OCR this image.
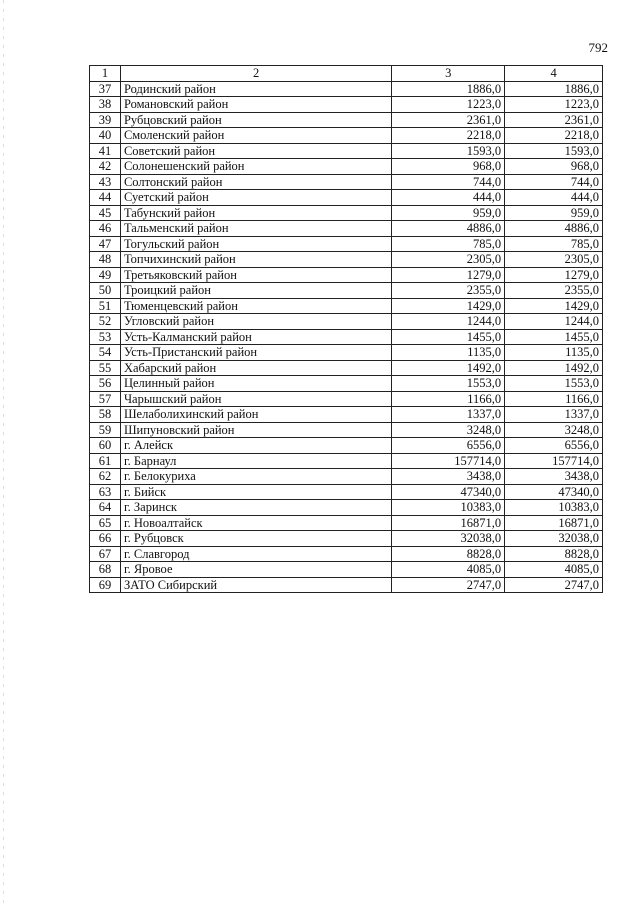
792
1	2	3	4
37	Родинский район	1886,0	1886,0
38	Романовский район	1223,0	1223,0
39	Рубцовский район	2361,0	2361,0
40	Смоленский район	2218,0	2218,0
41	Советский район	1593,0	1593,0
42	Солонешенский район	968,0	968,0
43	Солтонский район	744,0	744,0
44	Суетский район	444,0	444,0
45	Табунский район	959,0	959,0
46	Тальменский район	4886,0	4886,0
47	Тогульский район	785,0	785,0
48	Топчихинский район	2305,0	2305,0
49	Третьяковский район	1279,0	1279,0
50	Троицкий район	2355,0	2355,0
51	Тюменцевский район	1429,0	1429,0
52	Угловский район	1244,0	1244,0
53	Усть-Калманский район	1455,0	1455,0
54	Усть-Пристанский район	1135,0	1135,0
55	Хабарский район	1492,0	1492,0
56	Целинный район	1553,0	1553,0
57	Чарышский район	1166,0	1166,0
58	Шелаболихинский район	1337,0	1337,0
59	Шипуновский район	3248,0	3248,0
60	г. Алейск	6556,0	6556,0
61	г. Барнаул	157714,0	157714,0
62	г. Белокуриха	3438,0	3438,0
63	г. Бийск	47340,0	47340,0
64	г. Заринск	10383,0	10383,0
65	г. Новоалтайск	16871,0	16871,0
66	г. Рубцовск	32038,0	32038,0
67	г. Славгород	8828,0	8828,0
68	г. Яровое	4085,0	4085,0
69	ЗАТО Сибирский	2747,0	2747,0
